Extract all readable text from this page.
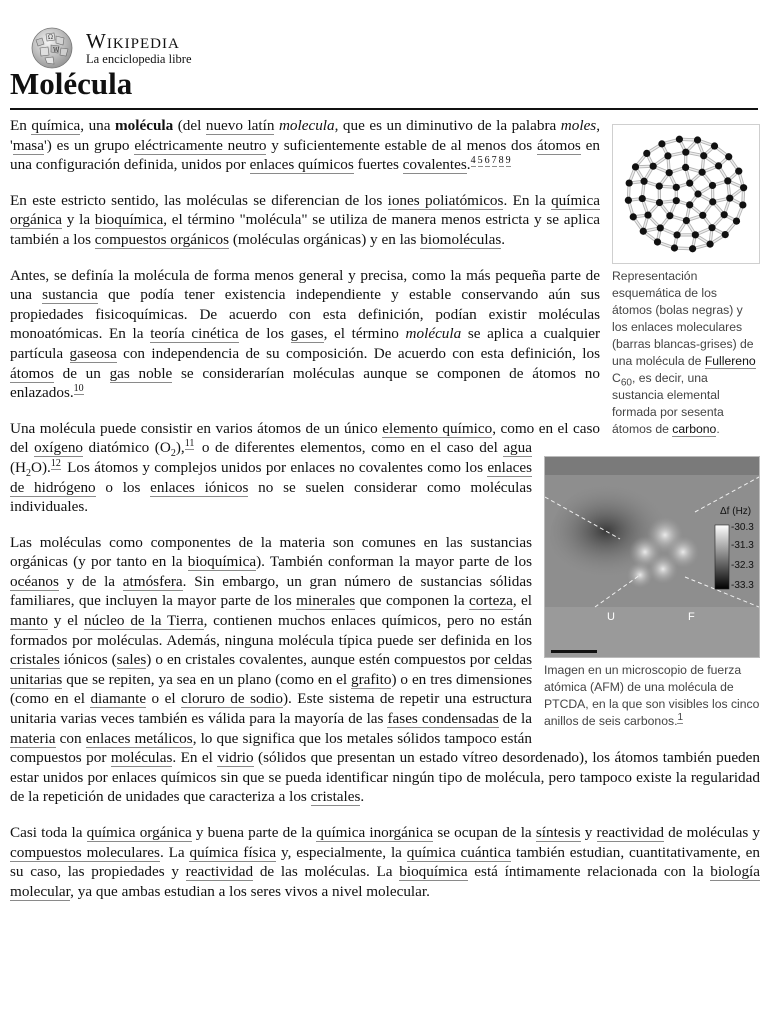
Ω
W Wikipedia
La enciclopedia libre
Molécula
Representación esquemática de los átomos (bolas negras) y los enlaces moleculares (barras blancas-grises) de una molécula de Fullereno $C_{60}$, es decir, una sustancia elemental formada por sesenta átomos de carbono.

En química, una molécula (del nuevo latín molecula, que es un diminutivo de la palabra moles, 'masa') es un grupo eléctricamente neutro y suficientemente estable de al menos dos átomos en una configuración definida, unidos por enlaces químicos fuertes covalentes.$^{4 5 6 7 8 9}$

En este estricto sentido, las moléculas se diferencian de los iones poliatómicos. En la química orgánica y la bioquímica, el término "molécula" se utiliza de manera menos estricta y se aplica también a los compuestos orgánicos (moléculas orgánicas) y en las biomoléculas.

Antes, se definía la molécula de forma menos general y precisa, como la más pequeña parte de una sustancia que podía tener existencia independiente y estable conservando aún sus propiedades fisicoquímicas. De acuerdo con esta definición, podían existir moléculas monoatómicas. En la teoría cinética de los gases, el término molécula se aplica a cualquier partícula gaseosa con independencia de su composición. De acuerdo con esta definición, los átomos de un gas noble se considerarían moléculas aunque se componen de átomos no enlazados.$^{10}$

Δf (Hz)
-30.3
-31.3
-32.3
-33.3
U	F
Imagen en un microscopio de fuerza atómica (AFM) de una molécula de PTCDA, en la que son visibles los cinco anillos de seis carbonos.$^1$

Una molécula puede consistir en varios átomos de un único elemento químico, como en el caso del oxígeno diatómico $(O_2),^{11}$ o de diferentes elementos, como en el caso del agua $(H_2O).^{12}$ Los átomos y complejos unidos por enlaces no covalentes como los enlaces de hidrógeno o los enlaces iónicos no se suelen considerar como moléculas individuales.

Las moléculas como componentes de la materia son comunes en las sustancias orgánicas (y por tanto en la bioquímica). También conforman la mayor parte de los océanos y de la atmósfera. Sin embargo, un gran número de sustancias sólidas familiares, que incluyen la mayor parte de los minerales que componen la corteza, el manto y el núcleo de la Tierra, contienen muchos enlaces químicos, pero no están formados por moléculas. Además, ninguna molécula típica puede ser definida en los cristales iónicos (sales) o en cristales covalentes, aunque estén compuestos por celdas unitarias que se repiten, ya sea en un plano (como en el grafito) o en tres dimensiones (como en el diamante o el cloruro de sodio). Este sistema de repetir una estructura unitaria varias veces también es válida para la mayoría de las fases condensadas de la materia con enlaces metálicos, lo que significa que los metales sólidos tampoco están compuestos por moléculas. En el vidrio (sólidos que presentan un estado vítreo desordenado), los átomos también pueden estar unidos por enlaces químicos sin que se pueda identificar ningún tipo de molécula, pero tampoco existe la regularidad de la repetición de unidades que caracteriza a los cristales.

Casi toda la química orgánica y buena parte de la química inorgánica se ocupan de la síntesis y reactividad de moléculas y compuestos moleculares. La química física y, especialmente, la química cuántica también estudian, cuantitativamente, en su caso, las propiedades y reactividad de las moléculas. La bioquímica está íntimamente relacionada con la biología molecular, ya que ambas estudian a los seres vivos a nivel molecular.
